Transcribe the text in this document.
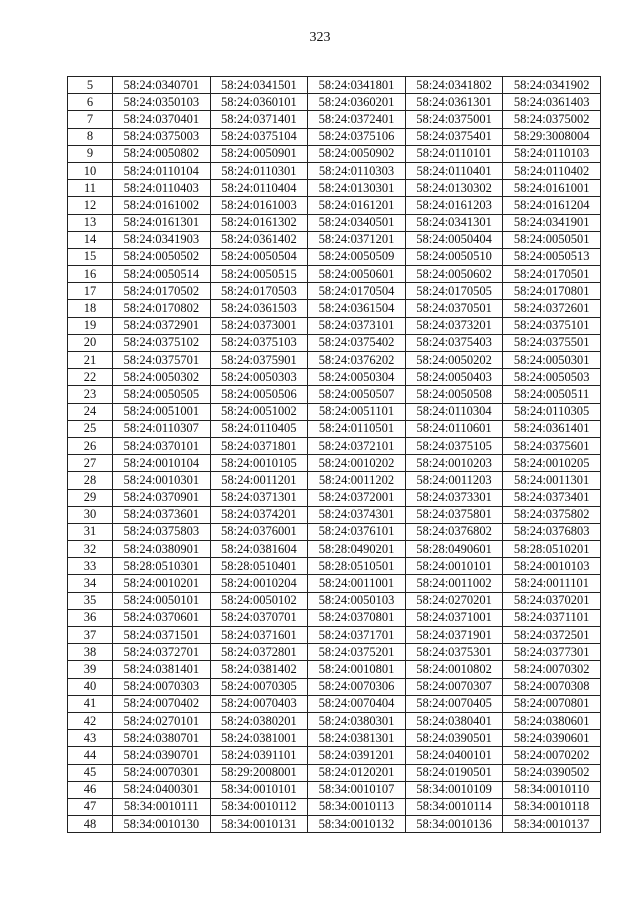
323
5	58:24:0340701	58:24:0341501	58:24:0341801	58:24:0341802	58:24:0341902
6	58:24:0350103	58:24:0360101	58:24:0360201	58:24:0361301	58:24:0361403
7	58:24:0370401	58:24:0371401	58:24:0372401	58:24:0375001	58:24:0375002
8	58:24:0375003	58:24:0375104	58:24:0375106	58:24:0375401	58:29:3008004
9	58:24:0050802	58:24:0050901	58:24:0050902	58:24:0110101	58:24:0110103
10	58:24:0110104	58:24:0110301	58:24:0110303	58:24:0110401	58:24:0110402
11	58:24:0110403	58:24:0110404	58:24:0130301	58:24:0130302	58:24:0161001
12	58:24:0161002	58:24:0161003	58:24:0161201	58:24:0161203	58:24:0161204
13	58:24:0161301	58:24:0161302	58:24:0340501	58:24:0341301	58:24:0341901
14	58:24:0341903	58:24:0361402	58:24:0371201	58:24:0050404	58:24:0050501
15	58:24:0050502	58:24:0050504	58:24:0050509	58:24:0050510	58:24:0050513
16	58:24:0050514	58:24:0050515	58:24:0050601	58:24:0050602	58:24:0170501
17	58:24:0170502	58:24:0170503	58:24:0170504	58:24:0170505	58:24:0170801
18	58:24:0170802	58:24:0361503	58:24:0361504	58:24:0370501	58:24:0372601
19	58:24:0372901	58:24:0373001	58:24:0373101	58:24:0373201	58:24:0375101
20	58:24:0375102	58:24:0375103	58:24:0375402	58:24:0375403	58:24:0375501
21	58:24:0375701	58:24:0375901	58:24:0376202	58:24:0050202	58:24:0050301
22	58:24:0050302	58:24:0050303	58:24:0050304	58:24:0050403	58:24:0050503
23	58:24:0050505	58:24:0050506	58:24:0050507	58:24:0050508	58:24:0050511
24	58:24:0051001	58:24:0051002	58:24:0051101	58:24:0110304	58:24:0110305
25	58:24:0110307	58:24:0110405	58:24:0110501	58:24:0110601	58:24:0361401
26	58:24:0370101	58:24:0371801	58:24:0372101	58:24:0375105	58:24:0375601
27	58:24:0010104	58:24:0010105	58:24:0010202	58:24:0010203	58:24:0010205
28	58:24:0010301	58:24:0011201	58:24:0011202	58:24:0011203	58:24:0011301
29	58:24:0370901	58:24:0371301	58:24:0372001	58:24:0373301	58:24:0373401
30	58:24:0373601	58:24:0374201	58:24:0374301	58:24:0375801	58:24:0375802
31	58:24:0375803	58:24:0376001	58:24:0376101	58:24:0376802	58:24:0376803
32	58:24:0380901	58:24:0381604	58:28:0490201	58:28:0490601	58:28:0510201
33	58:28:0510301	58:28:0510401	58:28:0510501	58:24:0010101	58:24:0010103
34	58:24:0010201	58:24:0010204	58:24:0011001	58:24:0011002	58:24:0011101
35	58:24:0050101	58:24:0050102	58:24:0050103	58:24:0270201	58:24:0370201
36	58:24:0370601	58:24:0370701	58:24:0370801	58:24:0371001	58:24:0371101
37	58:24:0371501	58:24:0371601	58:24:0371701	58:24:0371901	58:24:0372501
38	58:24:0372701	58:24:0372801	58:24:0375201	58:24:0375301	58:24:0377301
39	58:24:0381401	58:24:0381402	58:24:0010801	58:24:0010802	58:24:0070302
40	58:24:0070303	58:24:0070305	58:24:0070306	58:24:0070307	58:24:0070308
41	58:24:0070402	58:24:0070403	58:24:0070404	58:24:0070405	58:24:0070801
42	58:24:0270101	58:24:0380201	58:24:0380301	58:24:0380401	58:24:0380601
43	58:24:0380701	58:24:0381001	58:24:0381301	58:24:0390501	58:24:0390601
44	58:24:0390701	58:24:0391101	58:24:0391201	58:24:0400101	58:24:0070202
45	58:24:0070301	58:29:2008001	58:24:0120201	58:24:0190501	58:24:0390502
46	58:24:0400301	58:34:0010101	58:34:0010107	58:34:0010109	58:34:0010110
47	58:34:0010111	58:34:0010112	58:34:0010113	58:34:0010114	58:34:0010118
48	58:34:0010130	58:34:0010131	58:34:0010132	58:34:0010136	58:34:0010137
